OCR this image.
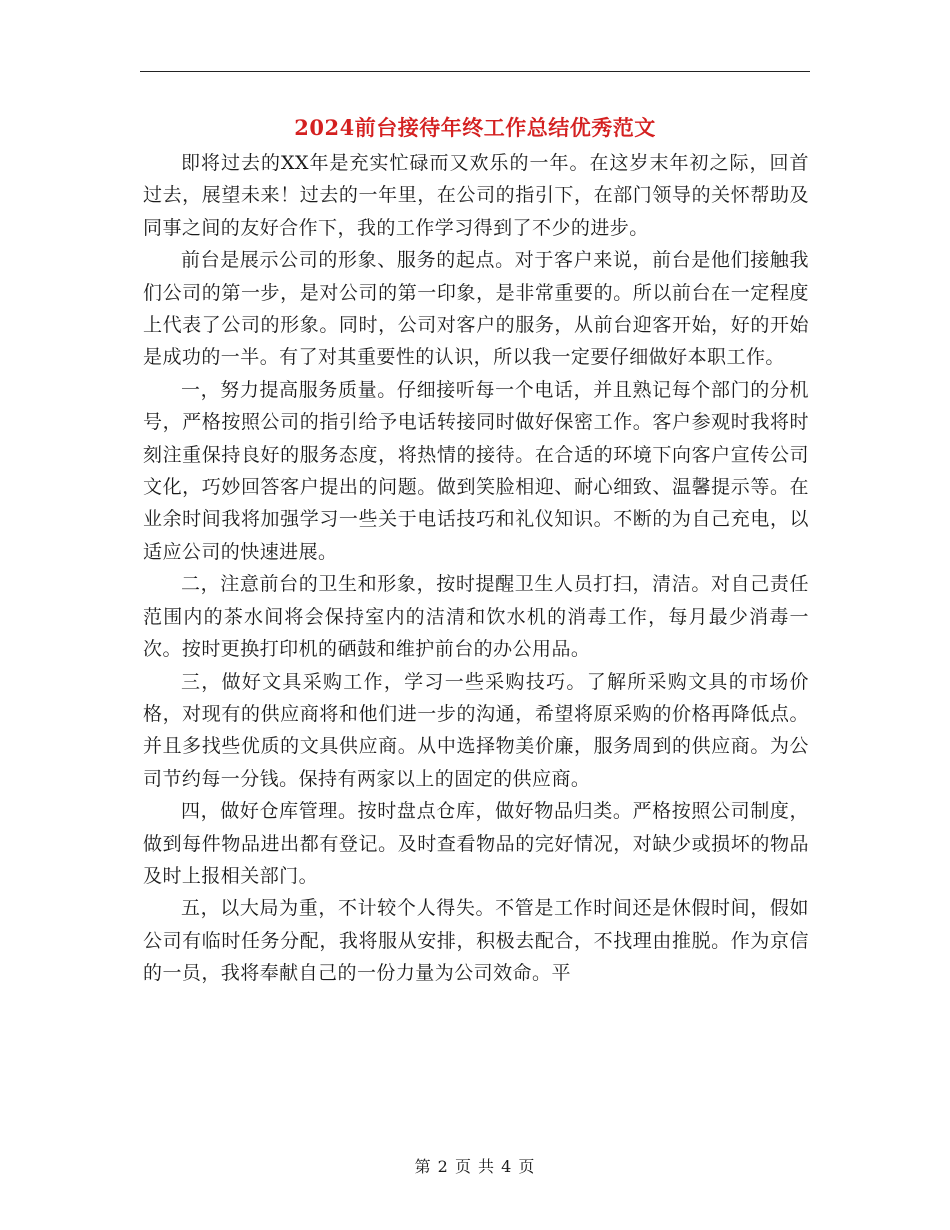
2024前台接待年终工作总结优秀范文

即将过去的XX年是充实忙碌而又欢乐的一年。在这岁末年初之际，回首过去，展望未来！过去的一年里，在公司的指引下，在部门领导的关怀帮助及同事之间的友好合作下，我的工作学习得到了不少的进步。

前台是展示公司的形象、服务的起点。对于客户来说，前台是他们接触我们公司的第一步，是对公司的第一印象，是非常重要的。所以前台在一定程度上代表了公司的形象。同时，公司对客户的服务，从前台迎客开始，好的开始是成功的一半。有了对其重要性的认识，所以我一定要仔细做好本职工作。

一，努力提高服务质量。仔细接听每一个电话，并且熟记每个部门的分机号，严格按照公司的指引给予电话转接同时做好保密工作。客户参观时我将时刻注重保持良好的服务态度，将热情的接待。在合适的环境下向客户宣传公司文化，巧妙回答客户提出的问题。做到笑脸相迎、耐心细致、温馨提示等。在业余时间我将加强学习一些关于电话技巧和礼仪知识。不断的为自己充电，以适应公司的快速进展。

二，注意前台的卫生和形象，按时提醒卫生人员打扫，清洁。对自己责任范围内的茶水间将会保持室内的洁清和饮水机的消毒工作，每月最少消毒一次。按时更换打印机的硒鼓和维护前台的办公用品。

三，做好文具采购工作，学习一些采购技巧。了解所采购文具的市场价格，对现有的供应商将和他们进一步的沟通，希望将原采购的价格再降低点。并且多找些优质的文具供应商。从中选择物美价廉，服务周到的供应商。为公司节约每一分钱。保持有两家以上的固定的供应商。

四，做好仓库管理。按时盘点仓库，做好物品归类。严格按照公司制度，做到每件物品进出都有登记。及时查看物品的完好情况，对缺少或损坏的物品及时上报相关部门。

五，以大局为重，不计较个人得失。不管是工作时间还是休假时间，假如公司有临时任务分配，我将服从安排，积极去配合，不找理由推脱。作为京信的一员，我将奉献自己的一份力量为公司效命。平

第 2 页 共 4 页
